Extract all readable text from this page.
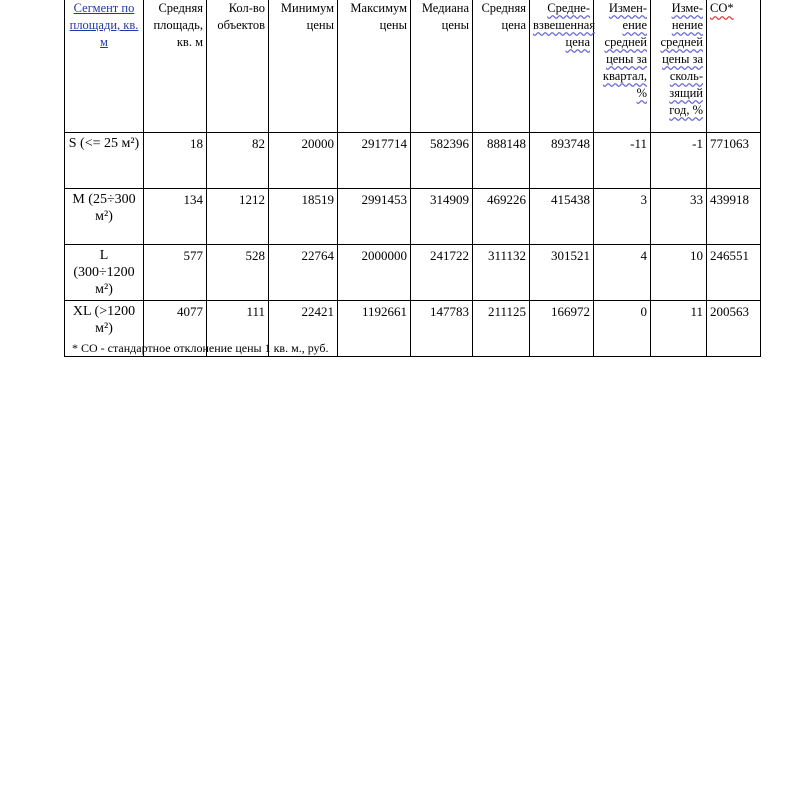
Сегмент по площади, кв. м	Средняя площадь, кв. м	Кол-во объектов	Минимум цены	Максимум цены	Медиана цены	Средняя цена	Средне-взвешенная цена	Измен-ение средней цены за квартал, %	Изме-нение средней цены за сколь-зящий год, %	СО*
S (<= 25 м²)	18	82	20000	2917714	582396	888148	893748	-11	-1	771063
M (25÷300 м²)	134	1212	18519	2991453	314909	469226	415438	3	33	439918
L (300÷1200 м²)	577	528	22764	2000000	241722	311132	301521	4	10	246551
XL (>1200 м²)	4077	111	22421	1192661	147783	211125	166972	0	11	200563
* СО - стандартное отклонение цены 1 кв. м., руб.
